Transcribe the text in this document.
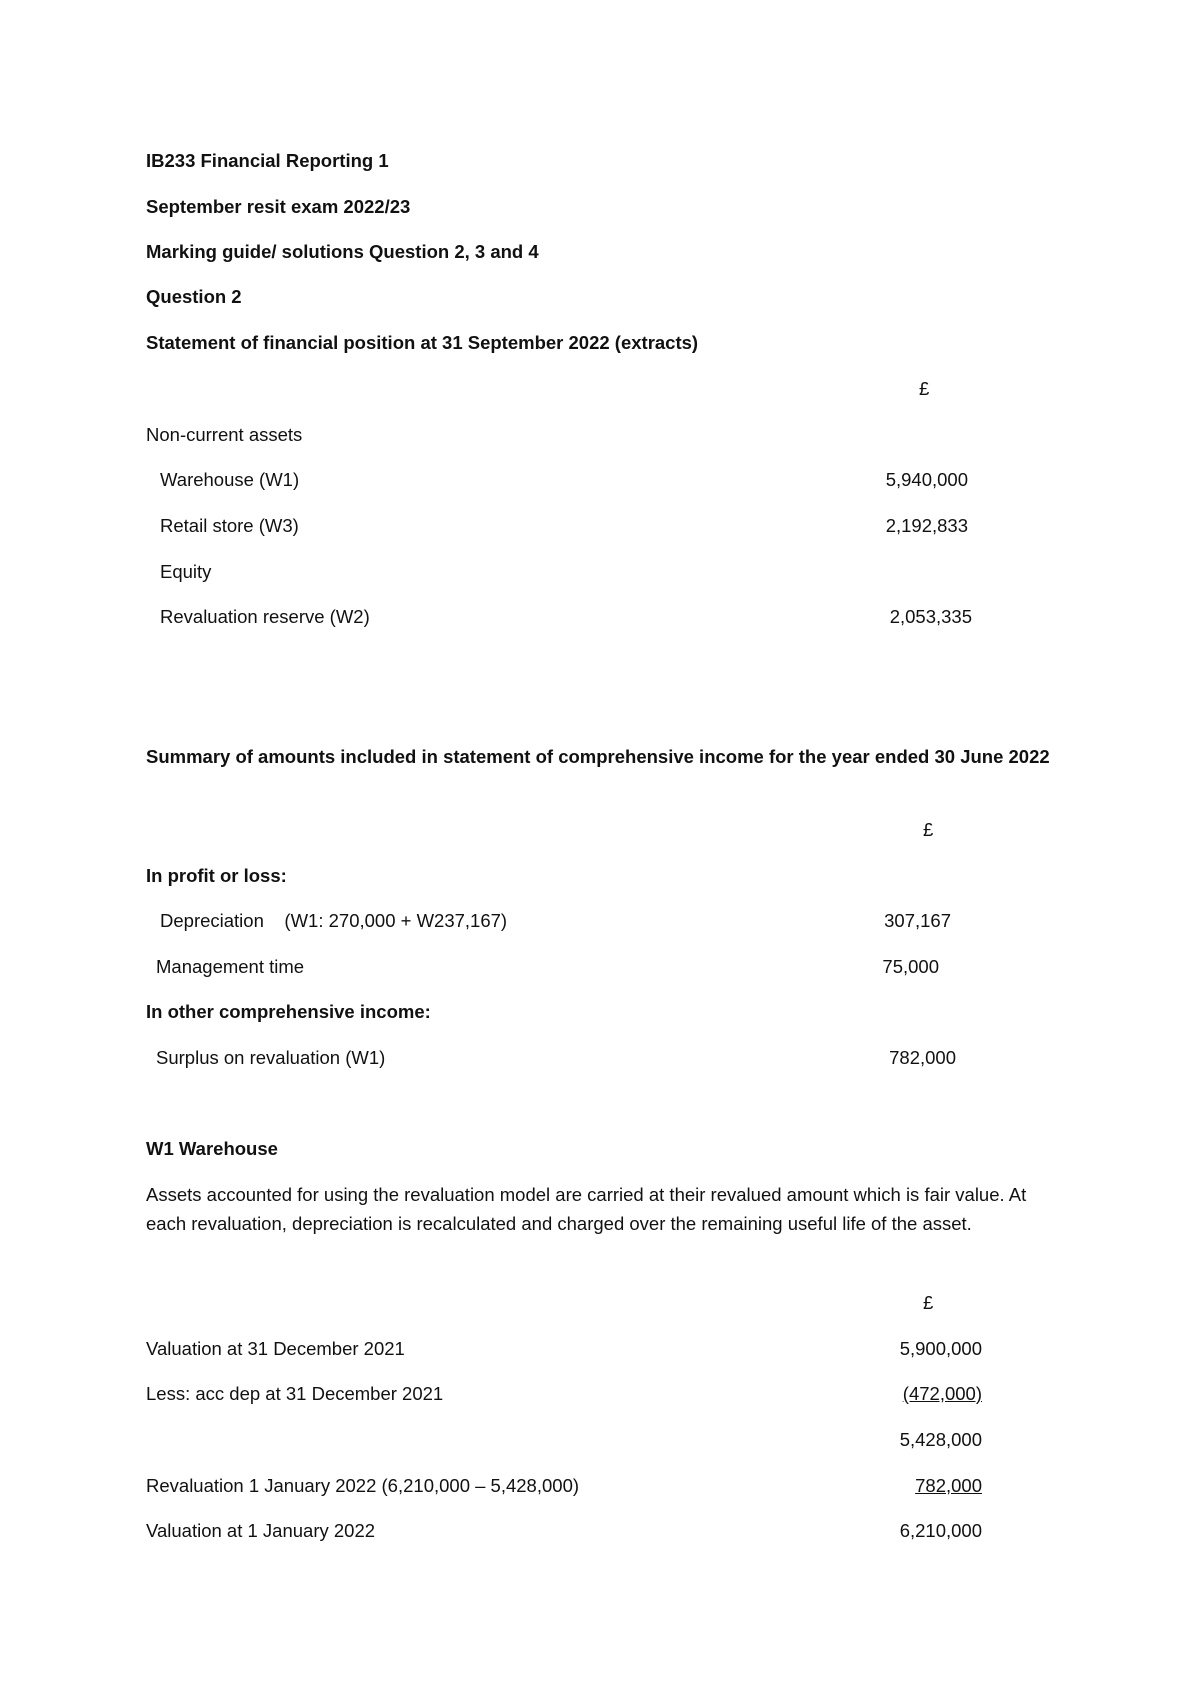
IB233 Financial Reporting 1
September resit exam 2022/23
Marking guide/ solutions Question 2, 3 and 4
Question 2
Statement of financial position at 31 September 2022 (extracts)
£
Non-current assets
Warehouse (W1)	5,940,000
Retail store (W3)	2,192,833
Equity
Revaluation reserve (W2)	2,053,335
Summary of amounts included in statement of comprehensive income for the year ended 30 June 2022
£
In profit or loss:
Depreciation    (W1: 270,000 + W237,167)	307,167
Management time	75,000
In other comprehensive income:
Surplus on revaluation (W1)	782,000
W1 Warehouse
Assets accounted for using the revaluation model are carried at their revalued amount which is fair value. At each revaluation, depreciation is recalculated and charged over the remaining useful life of the asset.
£
Valuation at 31 December 2021	5,900,000
Less: acc dep at 31 December 2021	(472,000)
5,428,000
Revaluation 1 January 2022 (6,210,000 – 5,428,000)	782,000
Valuation at 1 January 2022	6,210,000
